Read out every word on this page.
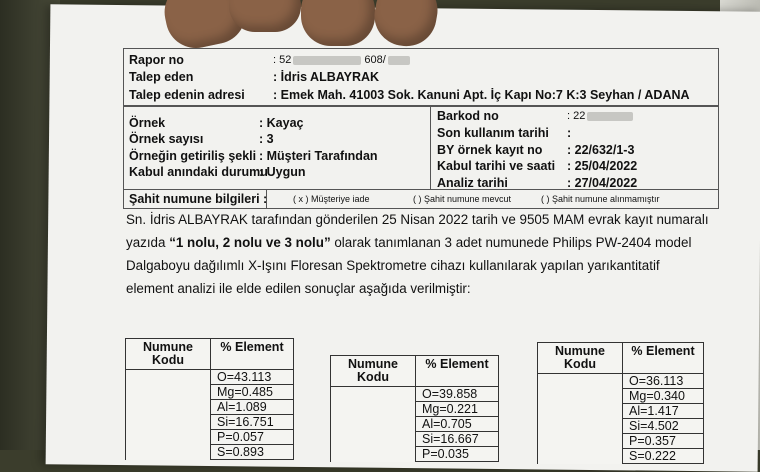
Rapor no	: 52	608/
Talep eden	: İdris ALBAYRAK
Talep edenin adresi : Emek Mah. 41003 Sok. Kanuni Apt. İç Kapı No:7 K:3 Seyhan / ADANA
Örnek	: Kayaç
Örnek sayısı	: 3
Örneğin getiriliş şekli : Müşteri Tarafından
Kabul anındaki durumu
: Uygun
Barkod no	: 22
Son kullanım tarihi :
BY örnek kayıt no : 22/632/1-3
Kabul tarihi ve saati : 25/04/2022
Analiz tarihi	: 27/04/2022
Şahit numune bilgileri :	( x ) Müşteriye iade	( ) Şahit numune mevcut	( ) Şahit numune alınmamıştır
Sn. İdris ALBAYRAK tarafından gönderilen 25 Nisan 2022 tarih ve 9505 MAM evrak kayıt numaralı
yazıda “1 nolu, 2 nolu ve 3 nolu” olarak tanımlanan 3 adet numunede Philips PW-2404 model
Dalgaboyu dağılımlı X-Işını Floresan Spektrometre cihazı kullanılarak yapılan yarıkantitatif
element analizi ile elde edilen sonuçlar aşağıda verilmiştir:
Numune Kodu	% Element
	O=43.113
	Mg=0.485
	Al=1.089
	Si=16.751
	P=0.057
	S=0.893
Numune Kodu	% Element
	O=39.858
	Mg=0.221
	Al=0.705
	Si=16.667
	P=0.035
Numune Kodu	% Element
	O=36.113
	Mg=0.340
	Al=1.417
	Si=4.502
	P=0.357
	S=0.222
